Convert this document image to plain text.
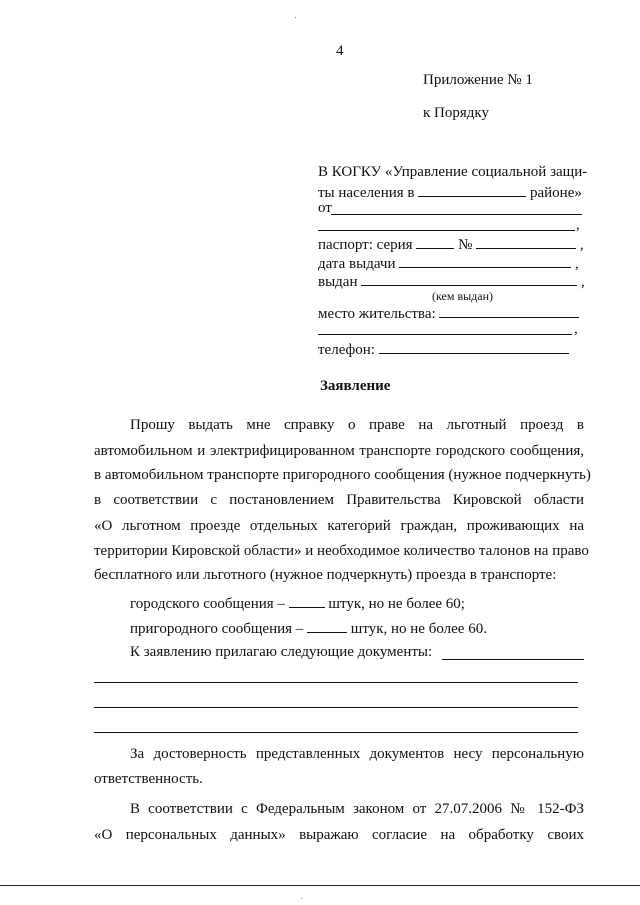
4
Приложение № 1
к Порядку
В КОГКУ «Управление социальной защи-
ты населения в	районе»
от
,
паспорт: серия	№	,
дата выдачи	,
выдан	,
(кем выдан)
место жительства:
,
телефон:
Заявление
Прошу выдать мне справку о праве на льготный проезд в
автомобильном и электрифицированном транспорте городского сообщения,
в автомобильном транспорте пригородного сообщения (нужное подчеркнуть)
в соответствии с постановлением Правительства Кировской области
«О льготном проезде отдельных категорий граждан, проживающих на
территории Кировской области» и необходимое количество талонов на право
бесплатного или льготного (нужное подчеркнуть) проезда в транспорте:
городского сообщения –	штук, но не более 60;
пригородного сообщения –	штук, но не более 60.
К заявлению прилагаю следующие документы:
За достоверность представленных документов несу персональную
ответственность.
В соответствии с Федеральным законом от 27.07.2006 № 152-ФЗ
«О персональных данных» выражаю согласие на обработку своих
